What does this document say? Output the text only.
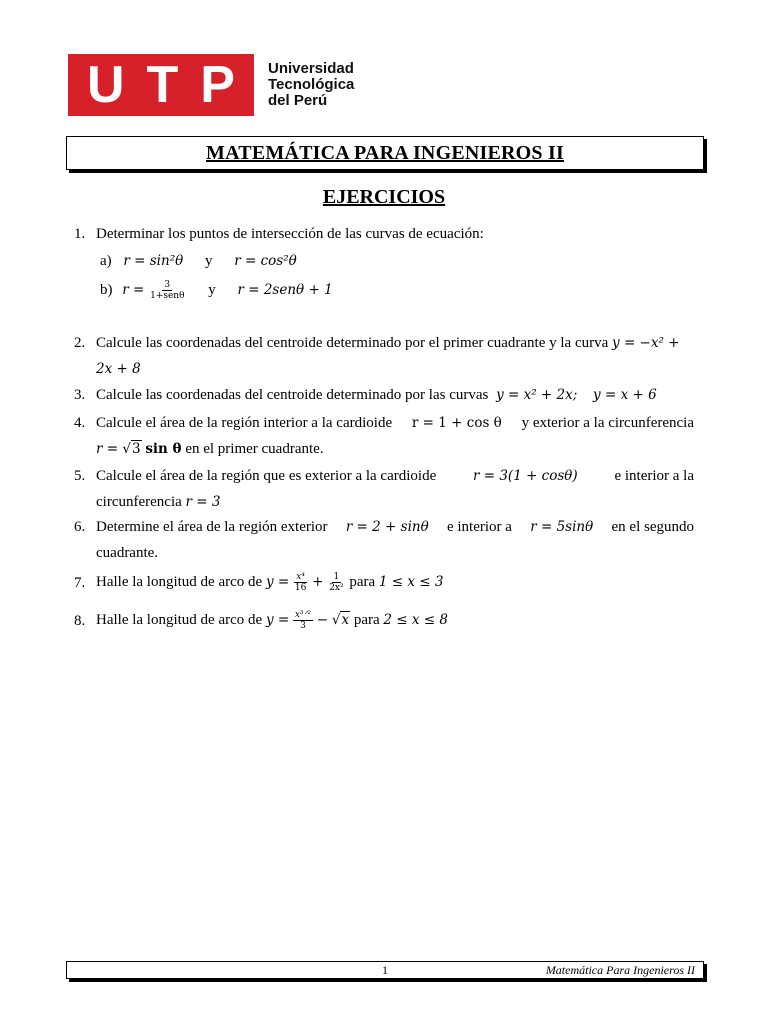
U T P Universidad
Tecnológica
del Perú
MATEMÁTICA PARA INGENIEROS II
EJERCICIOS
1. Determinar los puntos de intersección de las curvas de ecuación:
a) r = sin²θ y r = cos²θ
b) $r = \frac{3}{\text{1+senθ}}$ y r = 2senθ + 1
2. Calcule las coordenadas del centroide determinado por el primer cuadrante y la curva y = −x² +
2x + 8
3. Calcule las coordenadas del centroide determinado por las curvas y = x² + 2x; y = x + 6
4. Calcule el área de la región interior a la cardioide r = 1 + cos θ y exterior a la circunferencia
r = √3 sin θ en el primer cuadrante.
5. Calcule el área de la región que es exterior a la cardioide	r = 3(1 + cosθ) e interior a la
circunferencia r = 3
6. Determine el área de la región exterior r = 2 + sinθ e interior a r = 5sinθ en el segundo
cuadrante.
7. Halle la longitud de arco de $y = \frac{\text{x⁴}}{16} + \frac{1}{\text{2x²}}$ para 1 ≤ x ≤ 3
8. Halle la longitud de arco de $y = \frac{\text{x³ᐟ²}}{3} - √x$ para 2 ≤ x ≤ 8
1	Matemática Para Ingenieros II
